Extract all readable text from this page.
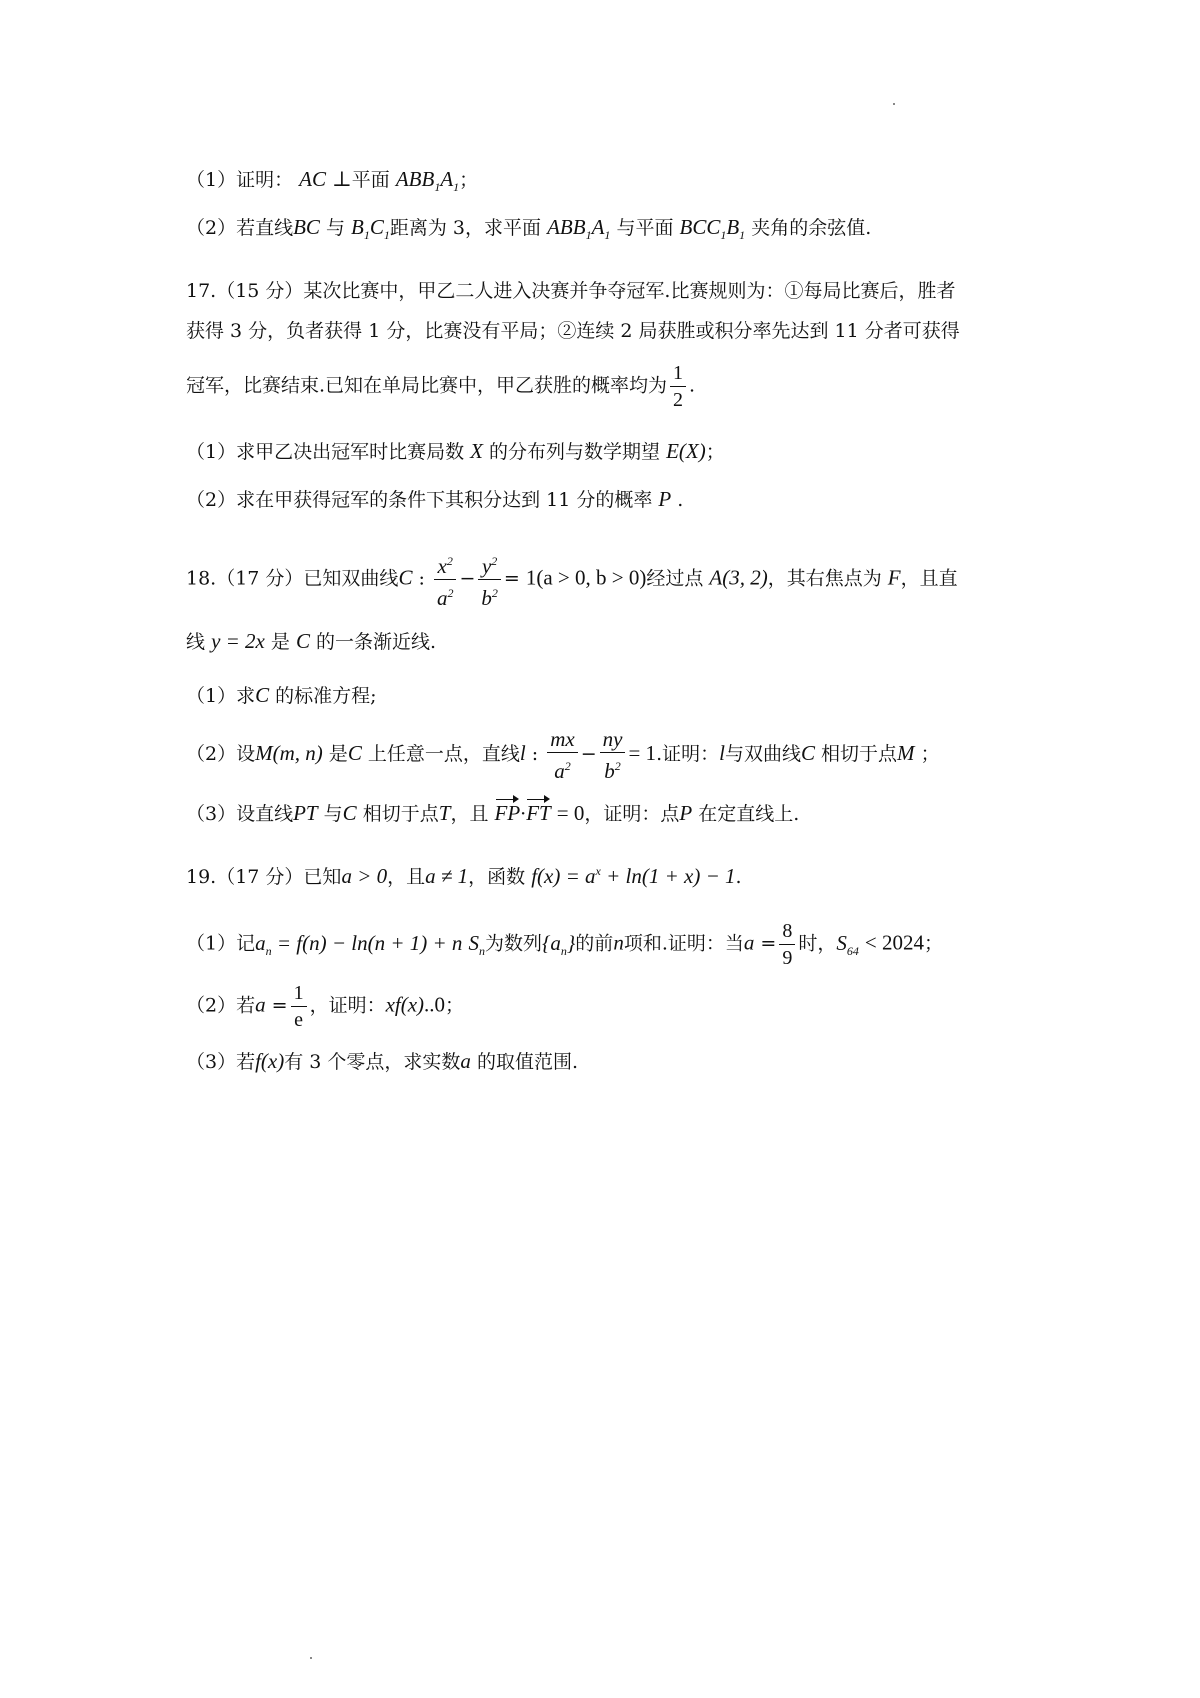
（1）证明： AC ⊥平面 $ABB_1A_1$；
（2）若直线BC 与 $B_1C_1$距离为 3，求平面 $ABB_1A_1$ 与平面 $BCC_1B_1$ 夹角的余弦值.
17.（15 分）某次比赛中，甲乙二人进入决赛并争夺冠军.比赛规则为：①每局比赛后，胜者
获得 3 分，负者获得 1 分，比赛没有平局；②连续 2 局获胜或积分率先达到 11 分者可获得
冠军，比赛结束.已知在单局比赛中，甲乙获胜的概率均为 $\frac{1}{2}$ .
（1）求甲乙决出冠军时比赛局数 X 的分布列与数学期望 E(X)；
（2）求在甲获得冠军的条件下其积分达到 11 分的概率 P .
18.（17 分）已知双曲线C : $\frac{x^2}{a^2} - \frac{y^2}{b^2} = 1(a > 0$, b > 0)经过点 A(3, 2)，其右焦点为 F，且直
线 y = 2x 是 C 的一条渐近线.
（1）求C 的标准方程;
（2）设M(m, n) 是C 上任意一点，直线l : $\frac{mx}{a^2} - \frac{ny}{b^2} = 1$.证明：l与双曲线C 相切于点M ；
（3）设直线PT 与C 相切于点T，且 FP·FT = 0，证明：点P 在定直线上.
19.（17 分）已知a > 0，且a ≠ 1，函数 $f(x) = a^x + \ln(1 + x) - 1$.
（1）记$a_n = f(n) - \ln(n + 1) + n$ $S_n$为数列$\{a_n\}$的前n项和.证明：当$a = \frac{8}{9}$ 时，$S_{64} < 2024$；
（2）若$a = \frac{1}{e}$ ，证明：xf(x)..0；
（3）若f(x)有 3 个零点，求实数a 的取值范围.
